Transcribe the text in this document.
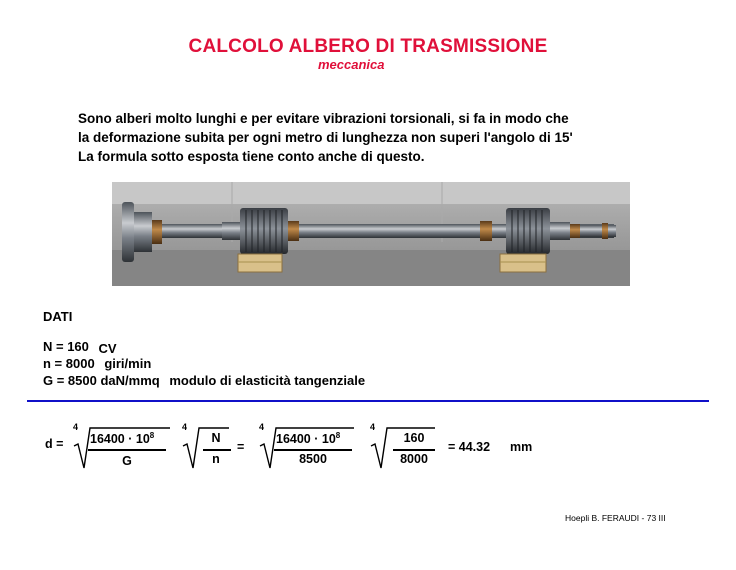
CALCOLO ALBERO DI TRASMISSIONE
meccanica
Sono alberi molto lunghi e per evitare vibrazioni torsionali, si fa in modo che
la deformazione subita per ogni metro di lunghezza non superi l'angolo di 15'
La formula sotto esposta tiene conto anche di questo.
DATI
N = 160 CV
n = 8000 giri/min
G = 8500 daN/mmq modulo di elasticità tangenziale
d =
4
$16400 \cdot 10^8$
G
4
N
n
=
4
$16400 \cdot 10^8$
8500
4
160
8000
= 44.32 mm
Hoepli B. FERAUDI - 73 III
